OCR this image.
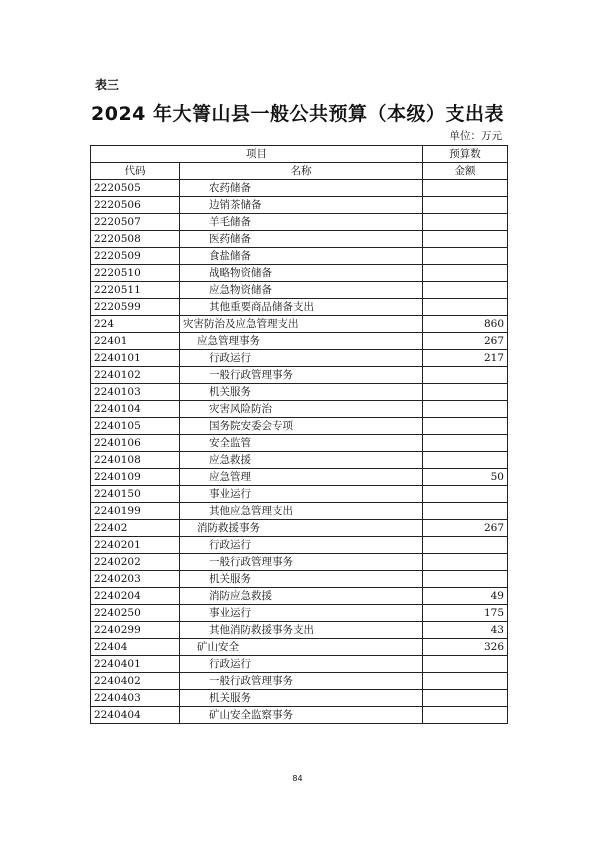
表三
2024 年大箐山县一般公共预算（本级）支出表
单位：万元
项目		预算数
代码	名称	金额
2220505	农药储备	
2220506	边销茶储备	
2220507	羊毛储备	
2220508	医药储备	
2220509	食盐储备	
2220510	战略物资储备	
2220511	应急物资储备	
2220599	其他重要商品储备支出	
224	灾害防治及应急管理支出	860
22401	应急管理事务	267
2240101	行政运行	217
2240102	一般行政管理事务	
2240103	机关服务	
2240104	灾害风险防治	
2240105	国务院安委会专项	
2240106	安全监管	
2240108	应急救援	
2240109	应急管理	50
2240150	事业运行	
2240199	其他应急管理支出	
22402	消防救援事务	267
2240201	行政运行	
2240202	一般行政管理事务	
2240203	机关服务	
2240204	消防应急救援	49
2240250	事业运行	175
2240299	其他消防救援事务支出	43
22404	矿山安全	326
2240401	行政运行	
2240402	一般行政管理事务	
2240403	机关服务	
2240404	矿山安全监察事务	
84
